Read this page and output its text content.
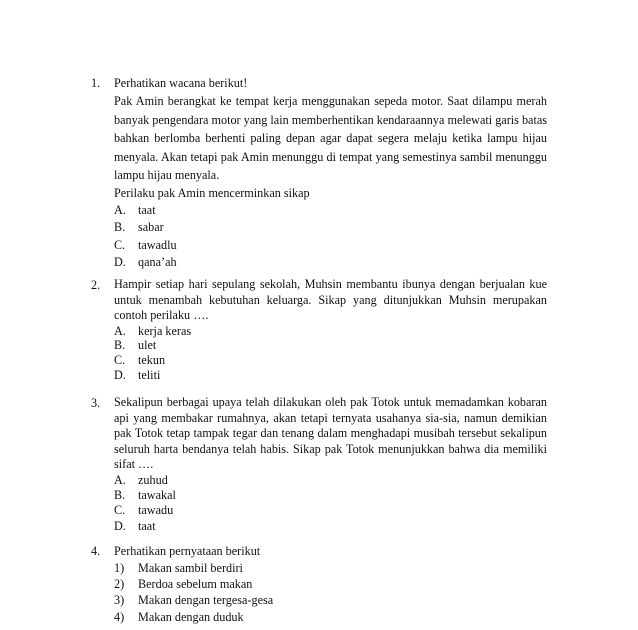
1. Perhatikan wacana berikut!

Pak Amin berangkat ke tempat kerja menggunakan sepeda motor. Saat dilampu merah banyak pengendara motor yang lain memberhentikan kendaraannya melewati garis batas bahkan berlomba berhenti paling depan agar dapat segera melaju ketika lampu hijau menyala. Akan tetapi pak Amin menunggu di tempat yang semestinya sambil menunggu lampu hijau menyala.

Perilaku pak Amin mencerminkan sikap
A. taat
B. sabar
C. tawadlu
D. qana’ah
2. Hampir setiap hari sepulang sekolah, Muhsin membantu ibunya dengan berjualan kue untuk menambah kebutuhan keluarga. Sikap yang ditunjukkan Muhsin merupakan contoh perilaku ….

A. kerja keras
B. ulet
C. tekun
D. teliti
3. Sekalipun berbagai upaya telah dilakukan oleh pak Totok untuk memadamkan kobaran api yang membakar rumahnya, akan tetapi ternyata usahanya sia-sia, namun demikian pak Totok tetap tampak tegar dan tenang dalam menghadapi musibah tersebut sekalipun seluruh harta bendanya telah habis. Sikap pak Totok menunjukkan bahwa dia memiliki sifat ….

A. zuhud
B. tawakal
C. tawadu
D. taat
4. Perhatikan pernyataan berikut
1) Makan sambil berdiri
2) Berdoa sebelum makan
3) Makan dengan tergesa-gesa
4) Makan dengan duduk
